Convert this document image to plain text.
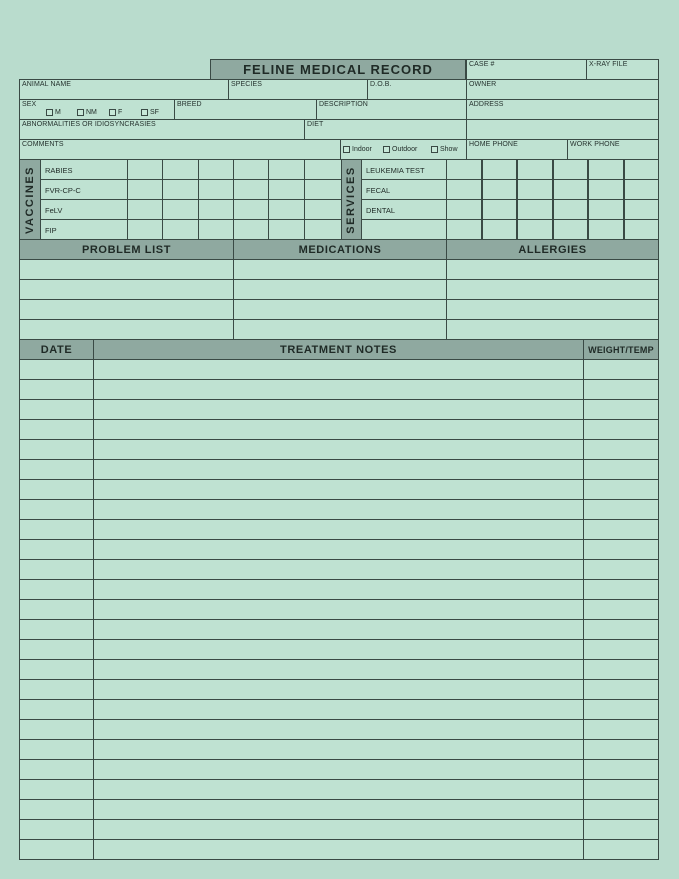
FELINE MEDICAL RECORD	CASE #	X-RAY FILE
ANIMAL NAME	SPECIES	D.O.B.	OWNER
SEX
M	NM	F	SF
BREED	DESCRIPTION	ADDRESS
ABNORMALITIES OR IDIOSYNCRASIES	DIET
COMMENTS
Indoor	Outdoor	Show
HOME PHONE	WORK PHONE
VACCINES	SERVICES
RABIES	LEUKEMIA TEST
FVR-CP-C	FECAL
FeLV	DENTAL
FIP
PROBLEM LIST	MEDICATIONS	ALLERGIES
DATE	TREATMENT NOTES	WEIGHT/TEMP
